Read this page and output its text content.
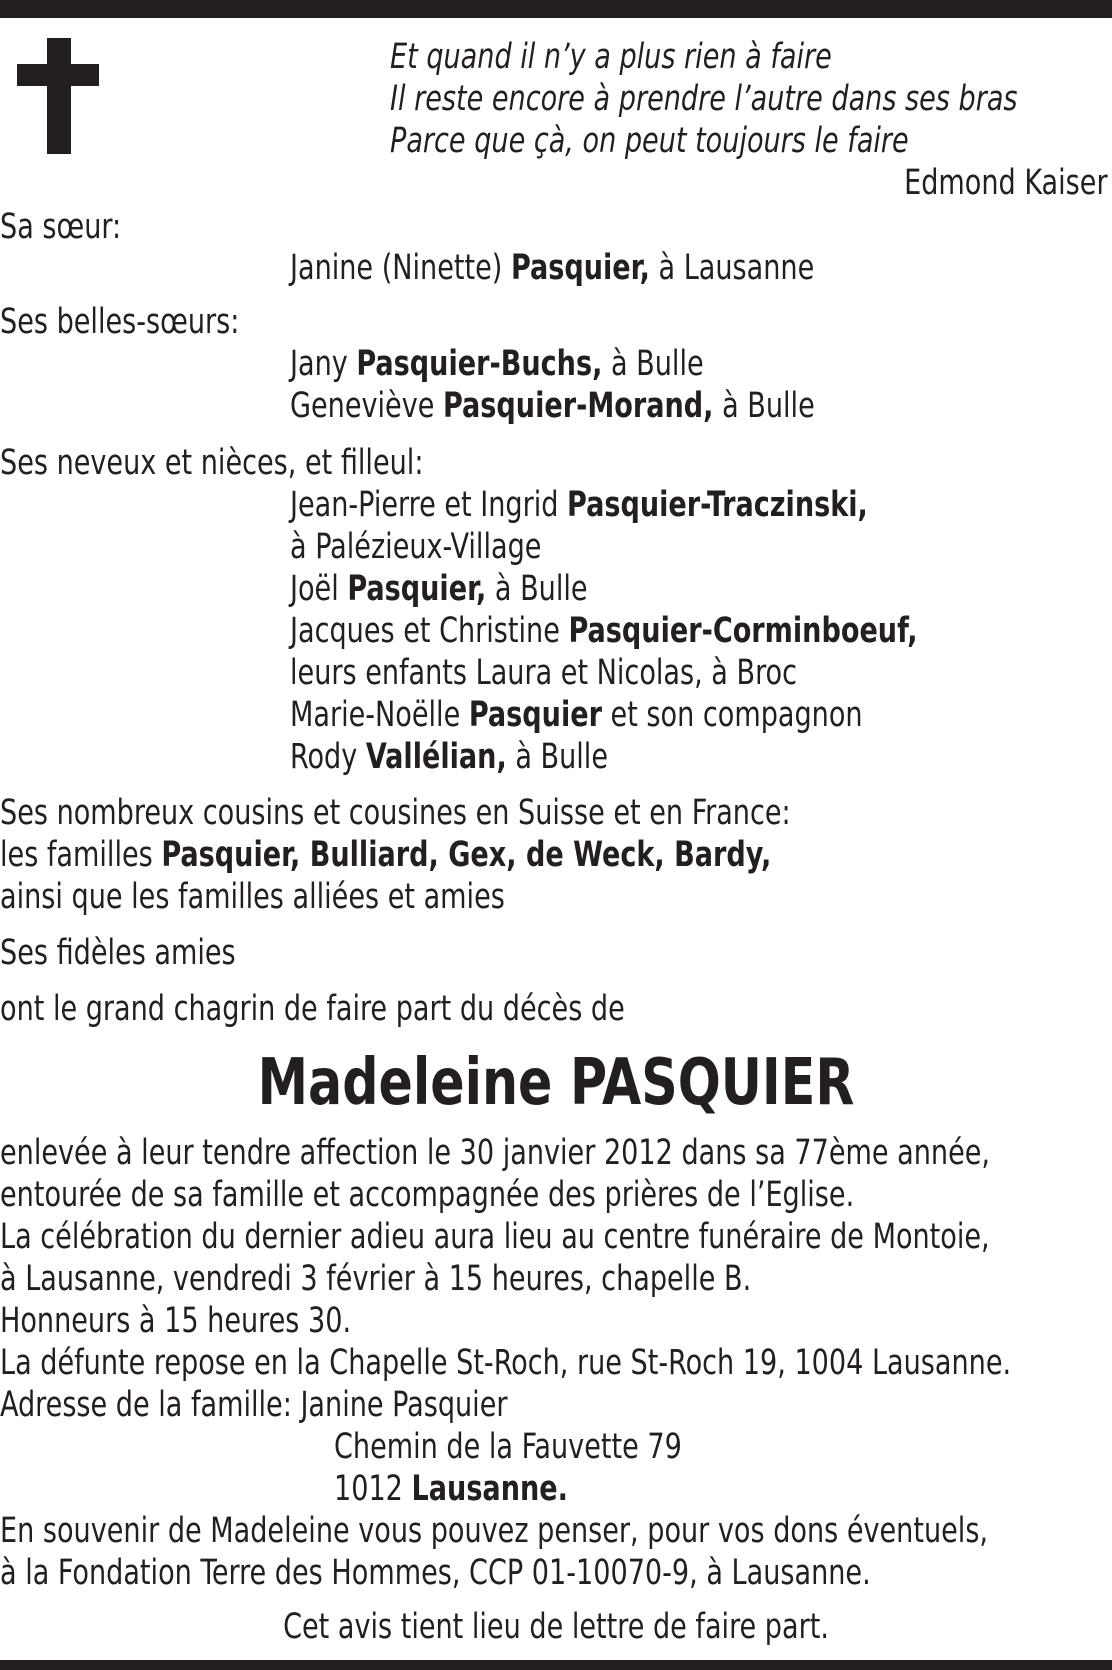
Et quand il n’y a plus rien à faire
Il reste encore à prendre l’autre dans ses bras
Parce que çà, on peut toujours le faire
Edmond Kaiser
Sa sœur:
Janine (Ninette) Pasquier, à Lausanne
Ses belles-sœurs:
Jany Pasquier-Buchs, à Bulle
Geneviève Pasquier-Morand, à Bulle
Ses neveux et nièces, et filleul:
Jean-Pierre et Ingrid Pasquier-Traczinski,
à Palézieux-Village
Joël Pasquier, à Bulle
Jacques et Christine Pasquier-Corminboeuf,
leurs enfants Laura et Nicolas, à Broc
Marie-Noëlle Pasquier et son compagnon
Rody Vallélian, à Bulle
Ses nombreux cousins et cousines en Suisse et en France:
les familles Pasquier, Bulliard, Gex, de Weck, Bardy,
ainsi que les familles alliées et amies
Ses fidèles amies
ont le grand chagrin de faire part du décès de
Madeleine PASQUIER
enlevée à leur tendre affection le 30 janvier 2012 dans sa 77ème année,
entourée de sa famille et accompagnée des prières de l’Eglise.
La célébration du dernier adieu aura lieu au centre funéraire de Montoie,
à Lausanne, vendredi 3 février à 15 heures, chapelle B.
Honneurs à 15 heures 30.
La défunte repose en la Chapelle St-Roch, rue St-Roch 19, 1004 Lausanne.
Adresse de la famille: Janine Pasquier
Chemin de la Fauvette 79
1012 Lausanne.
En souvenir de Madeleine vous pouvez penser, pour vos dons éventuels,
à la Fondation Terre des Hommes, CCP 01-10070-9, à Lausanne.
Cet avis tient lieu de lettre de faire part.
